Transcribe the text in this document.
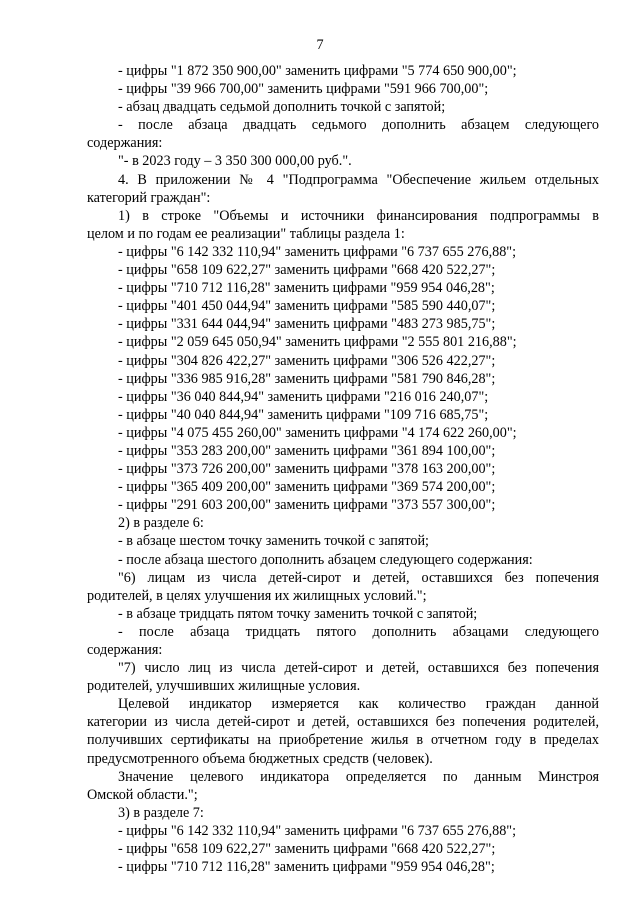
7
- цифры "1 872 350 900,00" заменить цифрами "5 774 650 900,00";
- цифры "39 966 700,00" заменить цифрами "591 966 700,00";
- абзац двадцать седьмой дополнить точкой с запятой;
- после абзаца двадцать седьмого дополнить абзацем следующего
содержания:
"- в 2023 году – 3 350 300 000,00 руб.".
4. В приложении № 4 "Подпрограмма "Обеспечение жильем отдельных
категорий граждан":
1) в строке "Объемы и источники финансирования подпрограммы в
целом и по годам ее реализации" таблицы раздела 1:
- цифры "6 142 332 110,94" заменить цифрами "6 737 655 276,88";
- цифры "658 109 622,27" заменить цифрами "668 420 522,27";
- цифры "710 712 116,28" заменить цифрами "959 954 046,28";
- цифры "401 450 044,94" заменить цифрами "585 590 440,07";
- цифры "331 644 044,94" заменить цифрами "483 273 985,75";
- цифры "2 059 645 050,94" заменить цифрами "2 555 801 216,88";
- цифры "304 826 422,27" заменить цифрами "306 526 422,27";
- цифры "336 985 916,28" заменить цифрами "581 790 846,28";
- цифры "36 040 844,94" заменить цифрами "216 016 240,07";
- цифры "40 040 844,94" заменить цифрами "109 716 685,75";
- цифры "4 075 455 260,00" заменить цифрами "4 174 622 260,00";
- цифры "353 283 200,00" заменить цифрами "361 894 100,00";
- цифры "373 726 200,00" заменить цифрами "378 163 200,00";
- цифры "365 409 200,00" заменить цифрами "369 574 200,00";
- цифры "291 603 200,00" заменить цифрами "373 557 300,00";
2) в разделе 6:
- в абзаце шестом точку заменить точкой с запятой;
- после абзаца шестого дополнить абзацем следующего содержания:
"6) лицам из числа детей-сирот и детей, оставшихся без попечения
родителей, в целях улучшения их жилищных условий.";
- в абзаце тридцать пятом точку заменить точкой с запятой;
- после абзаца тридцать пятого дополнить абзацами следующего
содержания:
"7) число лиц из числа детей-сирот и детей, оставшихся без попечения
родителей, улучшивших жилищные условия.
Целевой индикатор измеряется как количество граждан данной
категории из числа детей-сирот и детей, оставшихся без попечения родителей,
получивших сертификаты на приобретение жилья в отчетном году в пределах
предусмотренного объема бюджетных средств (человек).
Значение целевого индикатора определяется по данным Минстроя
Омской области.";
3) в разделе 7:
- цифры "6 142 332 110,94" заменить цифрами "6 737 655 276,88";
- цифры "658 109 622,27" заменить цифрами "668 420 522,27";
- цифры "710 712 116,28" заменить цифрами "959 954 046,28";
